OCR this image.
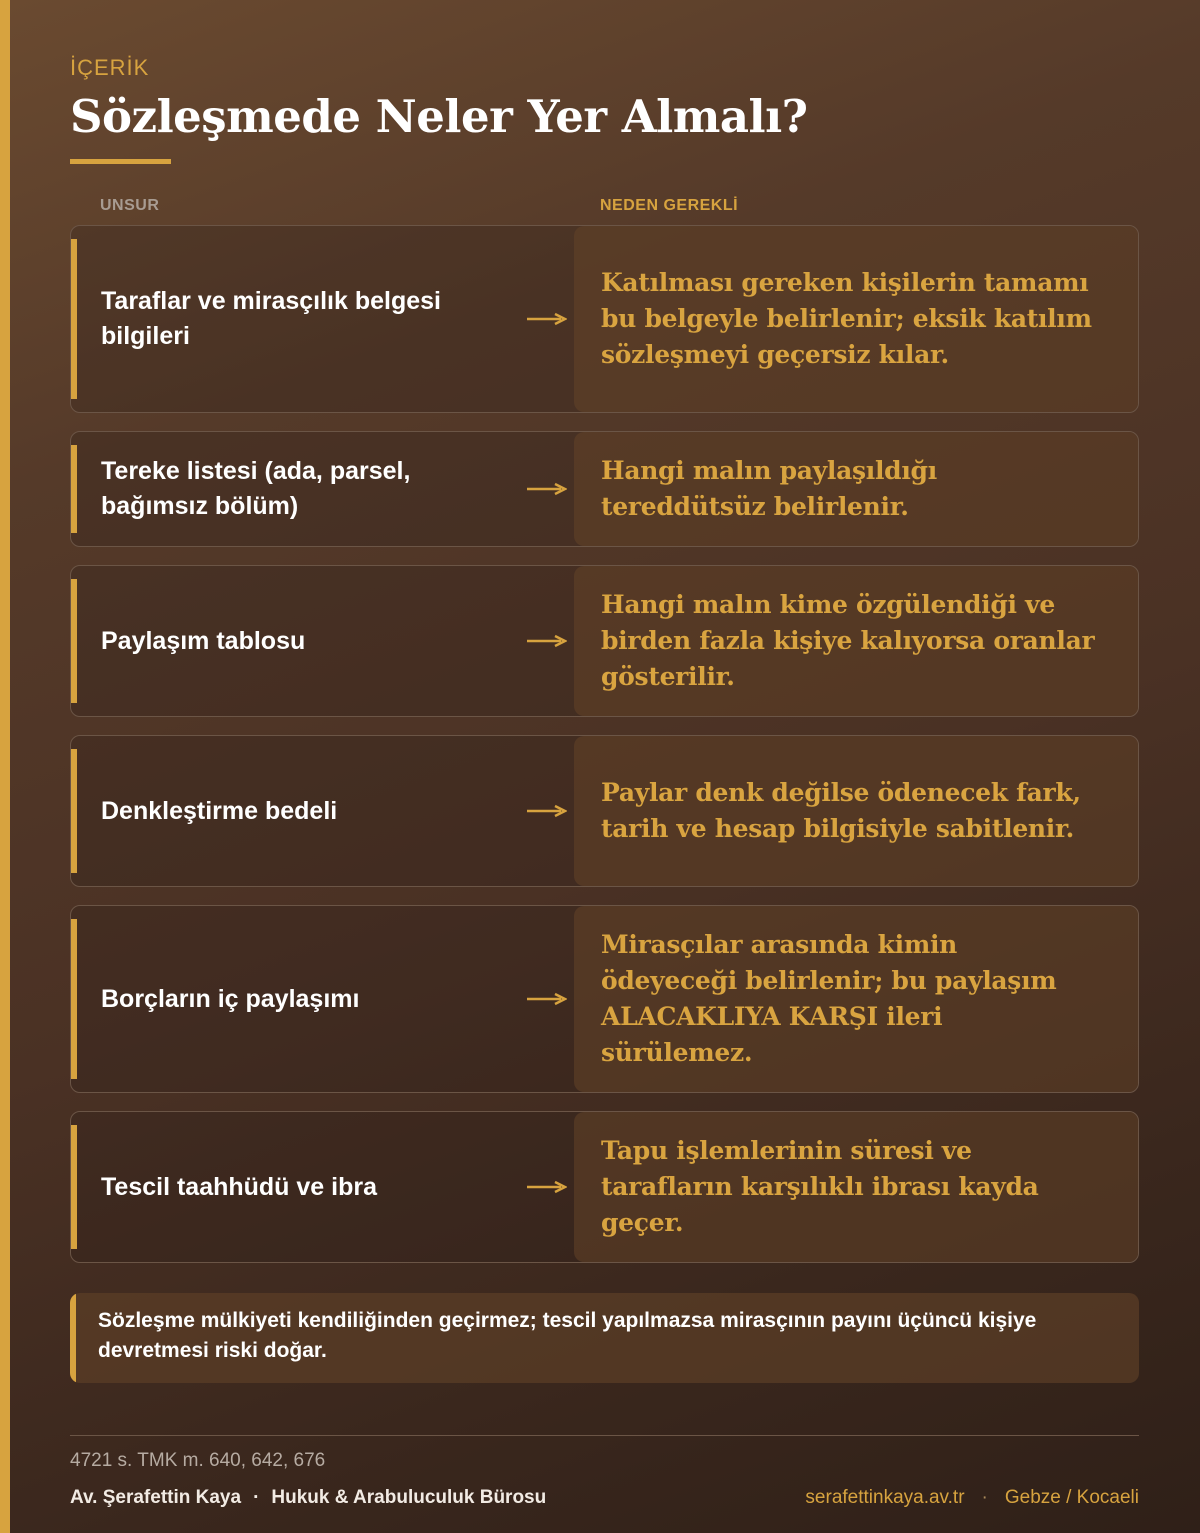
İÇERİK
Sözleşmede Neler Yer Almalı?
UNSUR	NEDEN GEREKLİ
Taraflar ve mirasçılık belgesi bilgileri
Katılması gereken kişilerin tamamı bu belgeyle belirlenir; eksik katılım sözleşmeyi geçersiz kılar.
Tereke listesi (ada, parsel, bağımsız bölüm)
Hangi malın paylaşıldığı tereddütsüz belirlenir.
Paylaşım tablosu
Hangi malın kime özgülendiği ve birden fazla kişiye kalıyorsa oranlar gösterilir.
Denkleştirme bedeli
Paylar denk değilse ödenecek fark, tarih ve hesap bilgisiyle sabitlenir.
Borçların iç paylaşımı
Mirasçılar arasında kimin ödeyeceği belirlenir; bu paylaşım ALACAKLIYA KARŞI ileri sürülemez.
Tescil taahhüdü ve ibra
Tapu işlemlerinin süresi ve tarafların karşılıklı ibrası kayda geçer.
Sözleşme mülkiyeti kendiliğinden geçirmez; tescil yapılmazsa mirasçının payını üçüncü kişiye devretmesi riski doğar.
4721 s. TMK m. 640, 642, 676
Av. Şerafettin Kaya · Hukuk & Arabuluculuk Bürosu	serafettinkaya.av.tr · Gebze / Kocaeli
